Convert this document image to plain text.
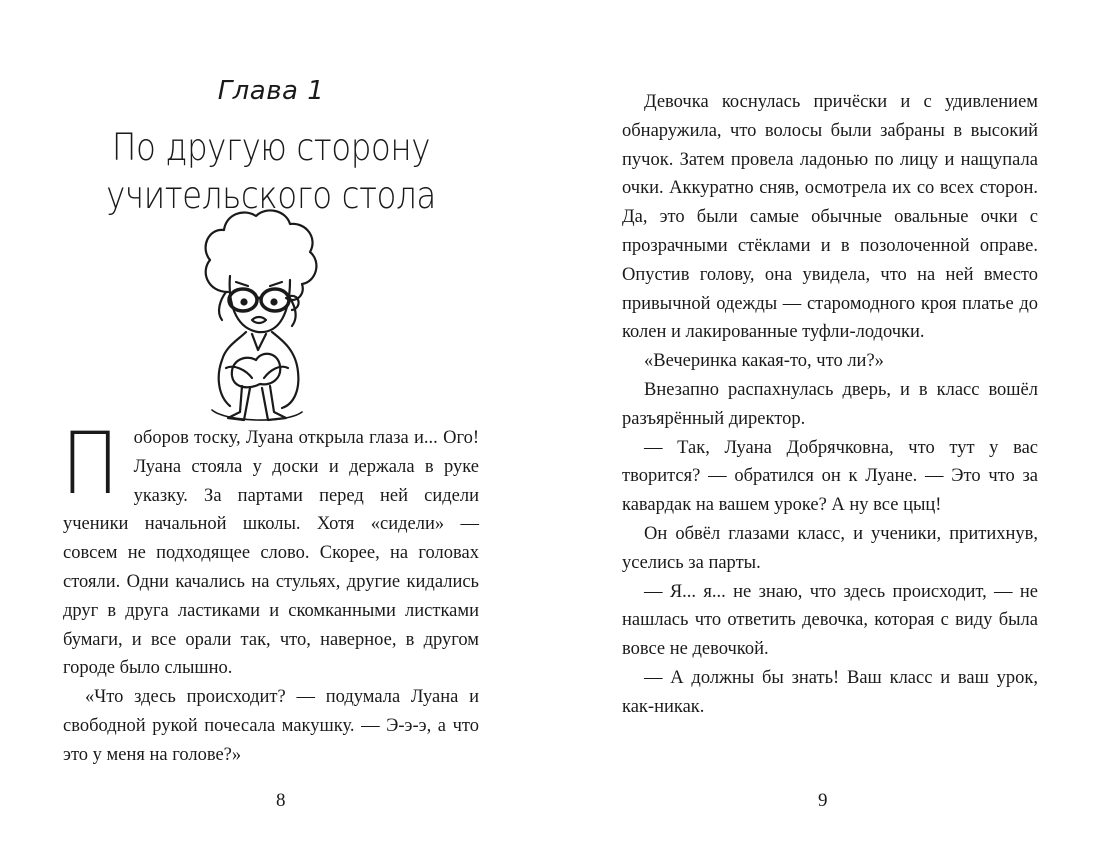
Глава 1
По другую сторону
учительского стола

Поборов тоску, Луана открыла глаза и... Ого! Луана стояла у доски и держала в руке указку. За партами перед ней сидели ученики начальной школы. Хотя «сидели» — совсем не подходящее слово. Скорее, на головах стояли. Одни качались на стульях, другие кидались друг в друга ластиками и скомканными листками бумаги, и все орали так, что, наверное, в другом городе было слышно.

«Что здесь происходит? — подумала Луана и свободной рукой почесала макушку. — Э-э-э, а что это у меня на голове?»

8	9

Девочка коснулась причёски и с удивлением обнаружила, что волосы были забраны в высокий пучок. Затем провела ладонью по лицу и нащупала очки. Аккуратно сняв, осмотрела их со всех сторон. Да, это были самые обычные овальные очки с прозрачными стёклами и в позолоченной оправе. Опустив голову, она увидела, что на ней вместо привычной одежды — старомодного кроя платье до колен и лакированные туфли-лодочки.

«Вечеринка какая-то, что ли?»

Внезапно распахнулась дверь, и в класс вошёл разъярённый директор.

— Так, Луана Добрячковна, что тут у вас творится? — обратился он к Луане. — Это что за кавардак на вашем уроке? А ну все цыц!

Он обвёл глазами класс, и ученики, притихнув, уселись за парты.

— Я... я... не знаю, что здесь происходит, — не нашлась что ответить девочка, которая с виду была вовсе не девочкой.

— А должны бы знать! Ваш класс и ваш урок, как-никак.
